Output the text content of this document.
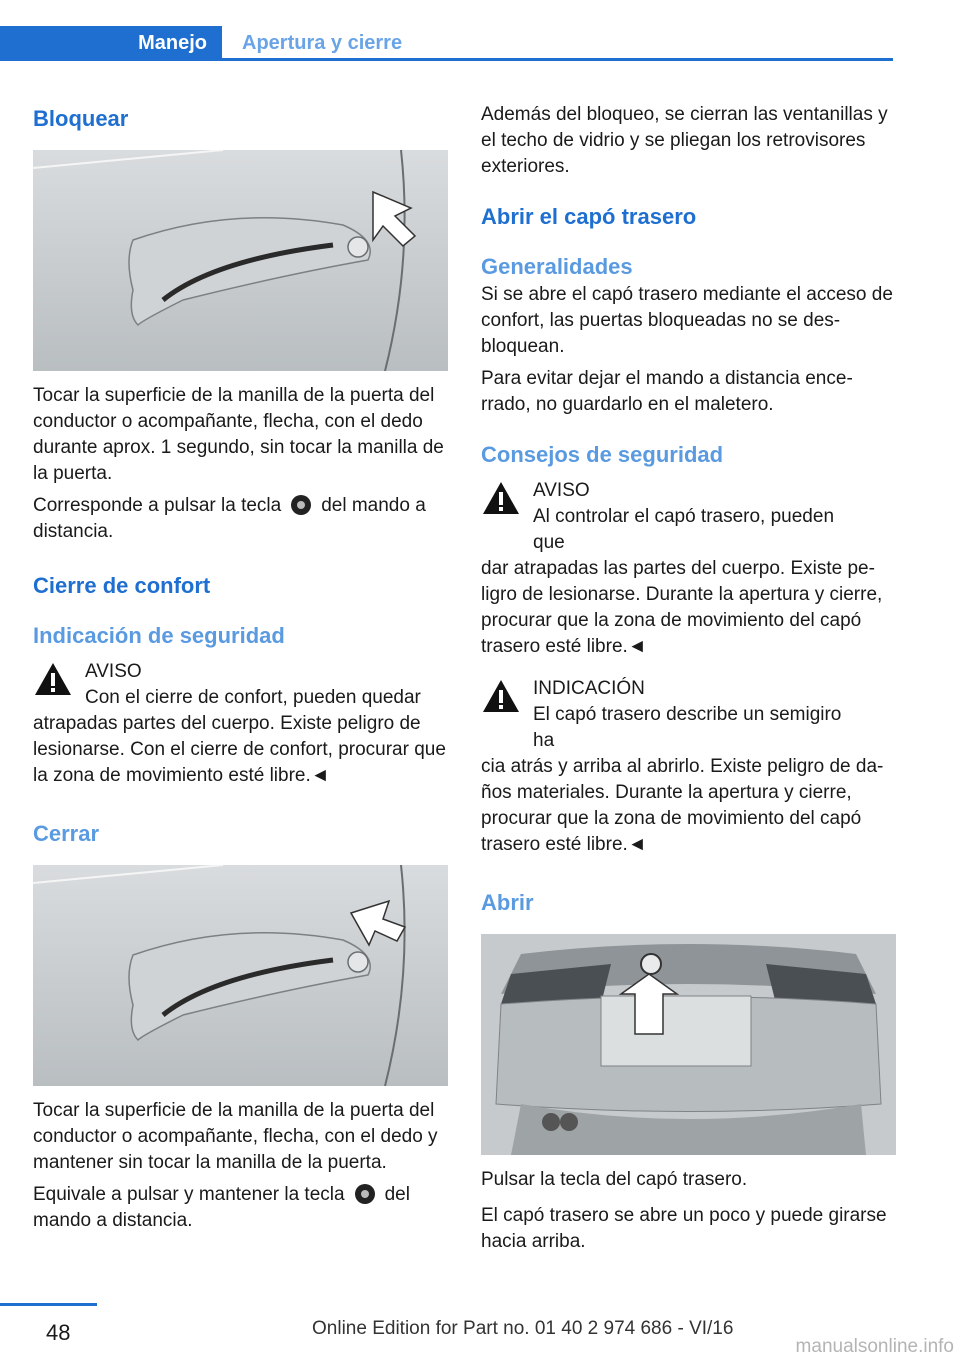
Manejo Apertura y cierre
Bloquear

Tocar la superficie de la manilla de la puerta del conductor o acompañante, flecha, con el dedo durante aprox. 1 segundo, sin tocar la manilla de la puerta.

Corresponde a pulsar la tecla del mando a distancia.

Cierre de confort
Indicación de seguridad
AVISO
Con el cierre de confort, pueden quedar

atrapadas partes del cuerpo. Existe peligro de lesionarse. Con el cierre de confort, procurar que la zona de movimiento esté libre.◄

Cerrar

Tocar la superficie de la manilla de la puerta del conductor o acompañante, flecha, con el dedo y mantener sin tocar la manilla de la puerta.

Equivale a pulsar y mantener la tecla del mando a distancia.

Además del bloqueo, se cierran las ventanillas y el techo de vidrio y se pliegan los retrovisores exteriores.

Abrir el capó trasero
Generalidades

Si se abre el capó trasero mediante el acceso de confort, las puertas bloqueadas no se desbloquean.

Para evitar dejar el mando a distancia encerrado, no guardarlo en el maletero.

Consejos de seguridad
AVISO
Al controlar el capó trasero, pueden que

dar atrapadas las partes del cuerpo. Existe peligro de lesionarse. Durante la apertura y cierre, procurar que la zona de movimiento del capó trasero esté libre.◄

INDICACIÓN
El capó trasero describe un semigiro ha

cia atrás y arriba al abrirlo. Existe peligro de daños materiales. Durante la apertura y cierre, procurar que la zona de movimiento del capó trasero esté libre.◄

Abrir

Pulsar la tecla del capó trasero.

El capó trasero se abre un poco y puede girarse hacia arriba.

48	Online Edition for Part no. 01 40 2 974 686 - VI/16
manualsonline.info
